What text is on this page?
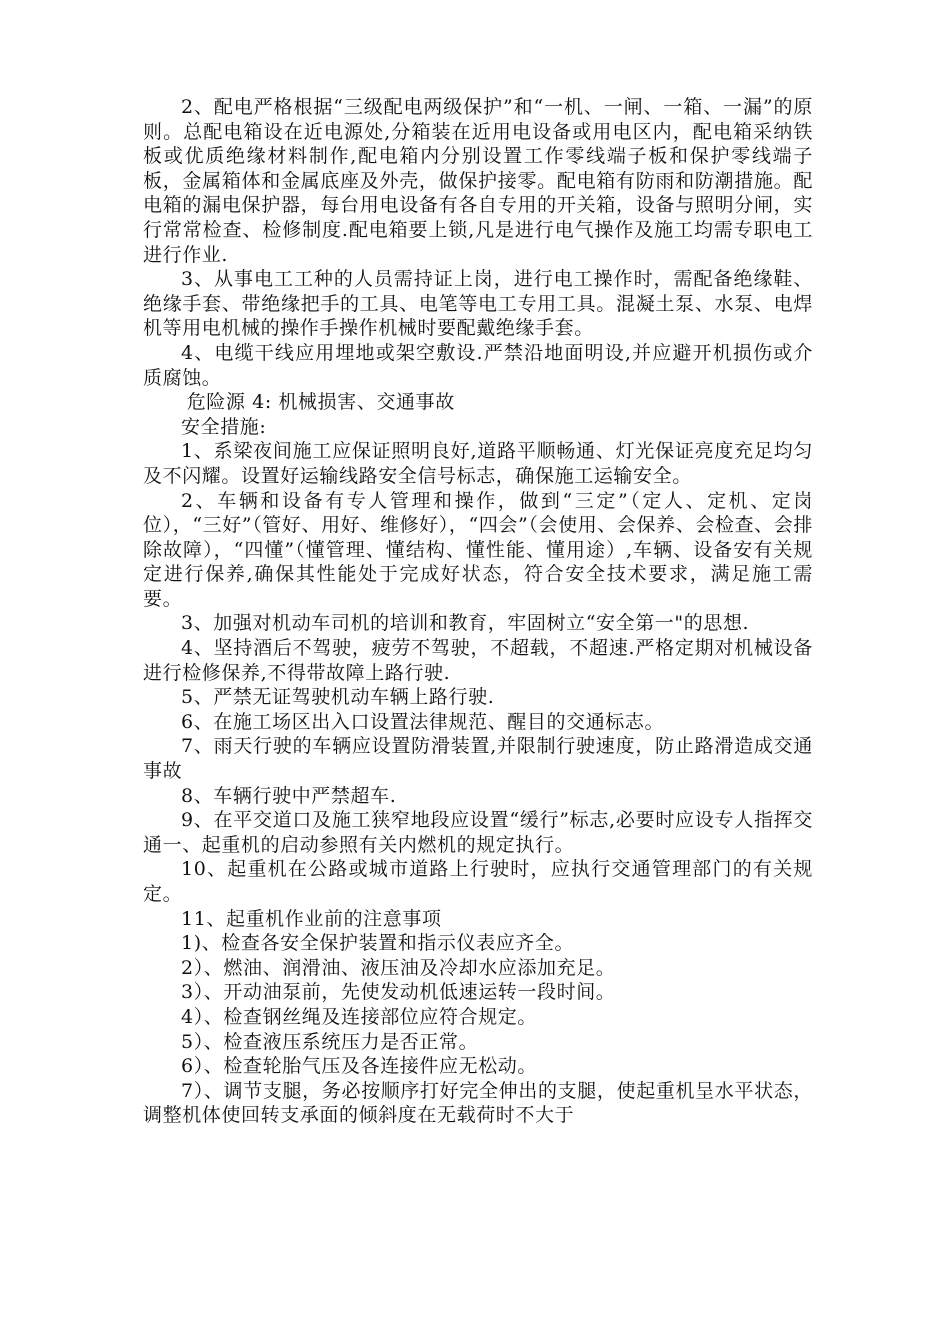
2、配电严格根据“三级配电两级保护”和“一机、一闸、一箱、一漏”的原则。总配电箱设在近电源处,分箱装在近用电设备或用电区内，配电箱采纳铁板或优质绝缘材料制作,配电箱内分别设置工作零线端子板和保护零线端子板，金属箱体和金属底座及外壳，做保护接零。配电箱有防雨和防潮措施。配电箱的漏电保护器，每台用电设备有各自专用的开关箱，设备与照明分闸，实行常常检查、检修制度.配电箱要上锁,凡是进行电气操作及施工均需专职电工进行作业.

3、从事电工工种的人员需持证上岗，进行电工操作时，需配备绝缘鞋、绝缘手套、带绝缘把手的工具、电笔等电工专用工具。混凝土泵、水泵、电焊机等用电机械的操作手操作机械时要配戴绝缘手套。

4、电缆干线应用埋地或架空敷设.严禁沿地面明设,并应避开机损伤或介质腐蚀。

危险源 4: 机械损害、交通事故

安全措施:

1、系梁夜间施工应保证照明良好,道路平顺畅通、灯光保证亮度充足均匀及不闪耀。设置好运输线路安全信号标志，确保施工运输安全。

2、车辆和设备有专人管理和操作，做到“三定”（定人、定机、定岗位），“三好”（管好、用好、维修好），“四会”（会使用、会保养、会检查、会排除故障），“四懂”（懂管理、懂结构、懂性能、懂用途）,车辆、设备安有关规定进行保养,确保其性能处于完成好状态，符合安全技术要求，满足施工需要。

3、加强对机动车司机的培训和教育，牢固树立“安全第一"的思想.

4、坚持酒后不驾驶，疲劳不驾驶，不超载，不超速.严格定期对机械设备进行检修保养,不得带故障上路行驶.

5、严禁无证驾驶机动车辆上路行驶.

6、在施工场区出入口设置法律规范、醒目的交通标志。

7、雨天行驶的车辆应设置防滑装置,并限制行驶速度，防止路滑造成交通事故

8、车辆行驶中严禁超车.

9、在平交道口及施工狭窄地段应设置“缓行”标志,必要时应设专人指挥交通一、起重机的启动参照有关内燃机的规定执行。

10、起重机在公路或城市道路上行驶时，应执行交通管理部门的有关规定。

11、起重机作业前的注意事项

1)、检查各安全保护装置和指示仪表应齐全。

2）、燃油、润滑油、液压油及冷却水应添加充足。

3）、开动油泵前，先使发动机低速运转一段时间。

4）、检查钢丝绳及连接部位应符合规定。

5）、检查液压系统压力是否正常。

6）、检查轮胎气压及各连接件应无松动。

7）、调节支腿，务必按顺序打好完全伸出的支腿，使起重机呈水平状态，调整机体使回转支承面的倾斜度在无载荷时不大于
